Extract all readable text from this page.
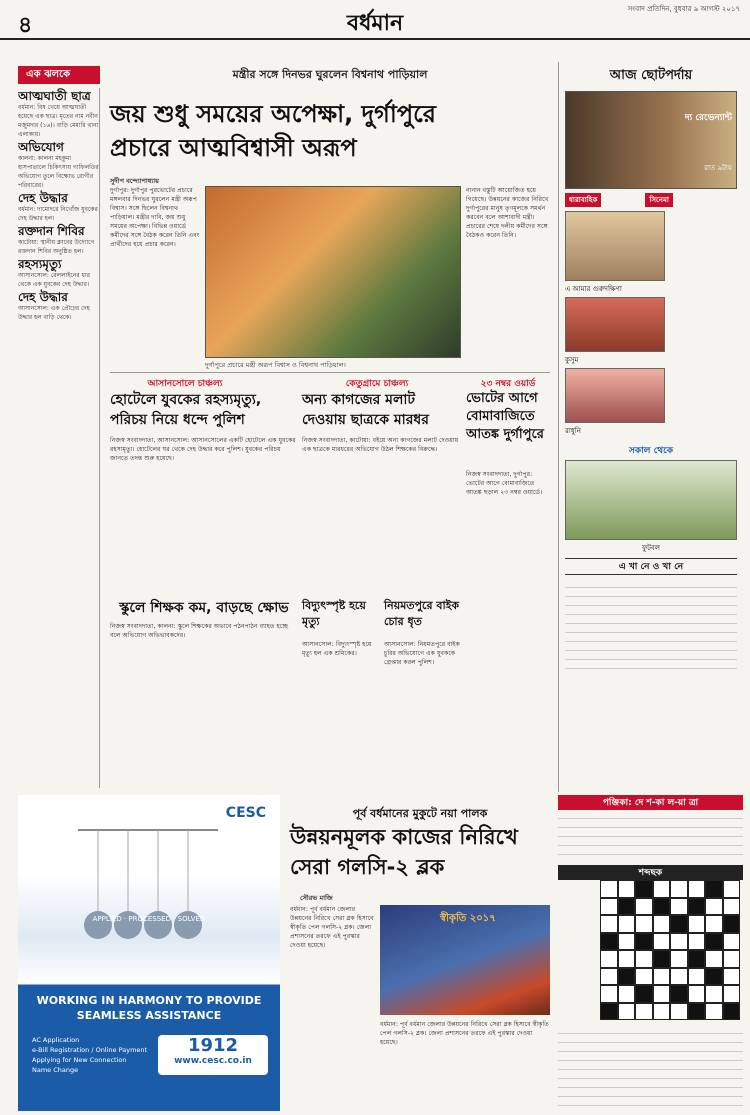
৪	বর্ধমান
সংবাদ প্রতিদিন, বুধবার ৯ আগস্ট ২০১৭
এক ঝলকে
আত্মঘাতী ছাত্র

বর্ধমান: বিষ খেয়ে আত্মঘাতী হয়েছে এক ছাত্র। মৃতের নাম নবীন মজুমদার (১৬)। বাড়ি মেমারি থানা এলাকায়।

অভিযোগ

কালনা: কালনা মহকুমা হাসপাতালে চিকিৎসায় গাফিলতির অভিযোগ তুলে বিক্ষোভ রোগীর পরিবারের।

দেহ উদ্ধার

বর্ধমান: দামোদরে নিখোঁজ যুবকের দেহ উদ্ধার হল।

রক্তদান শিবির

কাটোয়া: স্থানীয় ক্লাবের উদ্যোগে রক্তদান শিবির অনুষ্ঠিত হল।

রহস্যমৃত্যু

আসানসোল: রেললাইনের ধার থেকে এক যুবকের দেহ উদ্ধার।

দেহ উদ্ধার

আসানসোল: এক প্রৌঢ়ের দেহ উদ্ধার হল বাড়ি থেকে।

মন্ত্রীর সঙ্গে দিনভর ঘুরলেন বিশ্বনাথ পাড়িয়াল
জয় শুধু সময়ের অপেক্ষা, দুর্গাপুরে
প্রচারে আত্মবিশ্বাসী অরূপ
সুদীপ বন্দ্যোপাধ্যায়
দুর্গাপুর: দুর্গাপুর পুরভোটের প্রচারে মঙ্গলবার দিনভর ঘুরলেন মন্ত্রী অরূপ বিশ্বাস। সঙ্গে ছিলেন বিশ্বনাথ পাড়িয়াল। মন্ত্রীর দাবি, জয় শুধু সময়ের অপেক্ষা। বিভিন্ন ওয়ার্ডে কর্মীদের সঙ্গে বৈঠক করেন তিনি এবং প্রার্থীদের হয়ে প্রচার করেন।
দুর্গাপুরে প্রচারে মন্ত্রী অরূপ বিশ্বাস ও বিশ্বনাথ পাড়িয়াল।
নানান বস্তুটি আয়োজিত হয়ে গিয়েছে। উন্নয়নের কাজের নিরিখে দুর্গাপুরের মানুষ তৃণমূলকে সমর্থন করবেন বলে আশাবাদী মন্ত্রী। প্রচারের শেষে দলীয় কর্মীদের সঙ্গে বৈঠকও করেন তিনি।
আসানসোলে চাঞ্চল্য
হোটেলে যুবকের রহস্যমৃত্যু, পরিচয় নিয়ে ধন্দে পুলিশ
নিজস্ব সংবাদদাতা, আসানসোল: আসানসোলের একটি হোটেলে এক যুবকের রহস্যমৃত্যু। হোটেলের ঘর থেকে দেহ উদ্ধার করে পুলিশ। যুবকের পরিচয় জানতে তদন্ত শুরু হয়েছে।
কেতুগ্রামে চাঞ্চল্য
অন্য কাগজের মলাট দেওয়ায় ছাত্রকে মারধর
নিজস্ব সংবাদদাতা, কাটোয়া: বইয়ে অন্য কাগজের মলাট দেওয়ায় এক ছাত্রকে মারধরের অভিযোগ উঠল শিক্ষকের বিরুদ্ধে।
২৩ নম্বর ওয়ার্ড
ভোটের আগে বোমাবাজিতে আতঙ্ক দুর্গাপুরে
নিজস্ব সংবাদদাতা, দুর্গাপুর: ভোটের আগে বোমাবাজিতে আতঙ্ক ছড়াল ২৩ নম্বর ওয়ার্ডে।
স্কুলে শিক্ষক কম, বাড়ছে ক্ষোভ
নিজস্ব সংবাদদাতা, কালনা: স্কুলে শিক্ষকের অভাবে পঠনপাঠন ব্যাহত হচ্ছে বলে অভিযোগ অভিভাবকদের।
বিদ্যুৎস্পৃষ্ট হয়ে মৃত্যু
আসানসোল: বিদ্যুৎস্পৃষ্ট হয়ে মৃত্যু হল এক শ্রমিকের।
নিয়মতপুরে বাইক চোর ধৃত
আসানসোল: নিয়মতপুরে বাইক চুরির অভিযোগে এক যুবককে গ্রেপ্তার করল পুলিশ।
CESC
APPLIED · PROCESSED · SOLVED
WORKING IN HARMONY TO PROVIDE SEAMLESS ASSISTANCE
AC Application
e-Bill Registration / Online Payment
Applying for New Connection
Name Change
1912
www.cesc.co.in
পূর্ব বর্ধমানের মুকুটে নয়া পালক
উন্নয়নমূলক কাজের নিরিখে
সেরা গলসি-২ ব্লক
সৌরভ মাজি
বর্ধমান: পূর্ব বর্ধমান জেলার উন্নয়নের নিরিখে সেরা ব্লক হিসাবে স্বীকৃতি পেল গলসি-২ ব্লক। জেলা প্রশাসনের তরফে এই পুরস্কার দেওয়া হয়েছে।
স্বীকৃতি ২০১৭
বর্ধমান: পূর্ব বর্ধমান জেলার উন্নয়নের নিরিখে সেরা ব্লক হিসাবে স্বীকৃতি পেল গলসি-২ ব্লক। জেলা প্রশাসনের তরফে এই পুরস্কার দেওয়া হয়েছে।
আজ ছোটপর্দায়
দ্য রেভেন্যান্ট
রাত ৯টায়
ধারাবাহিক	সিনেমা
এ আমার গুরুদক্ষিণা
কুসুম
রাধুনি
সকাল থেকে
ফুটবল
এ খা নে ও খা নে
পঞ্জিকা: দে শ-কা ল-য়া ত্রা
শব্দছক
